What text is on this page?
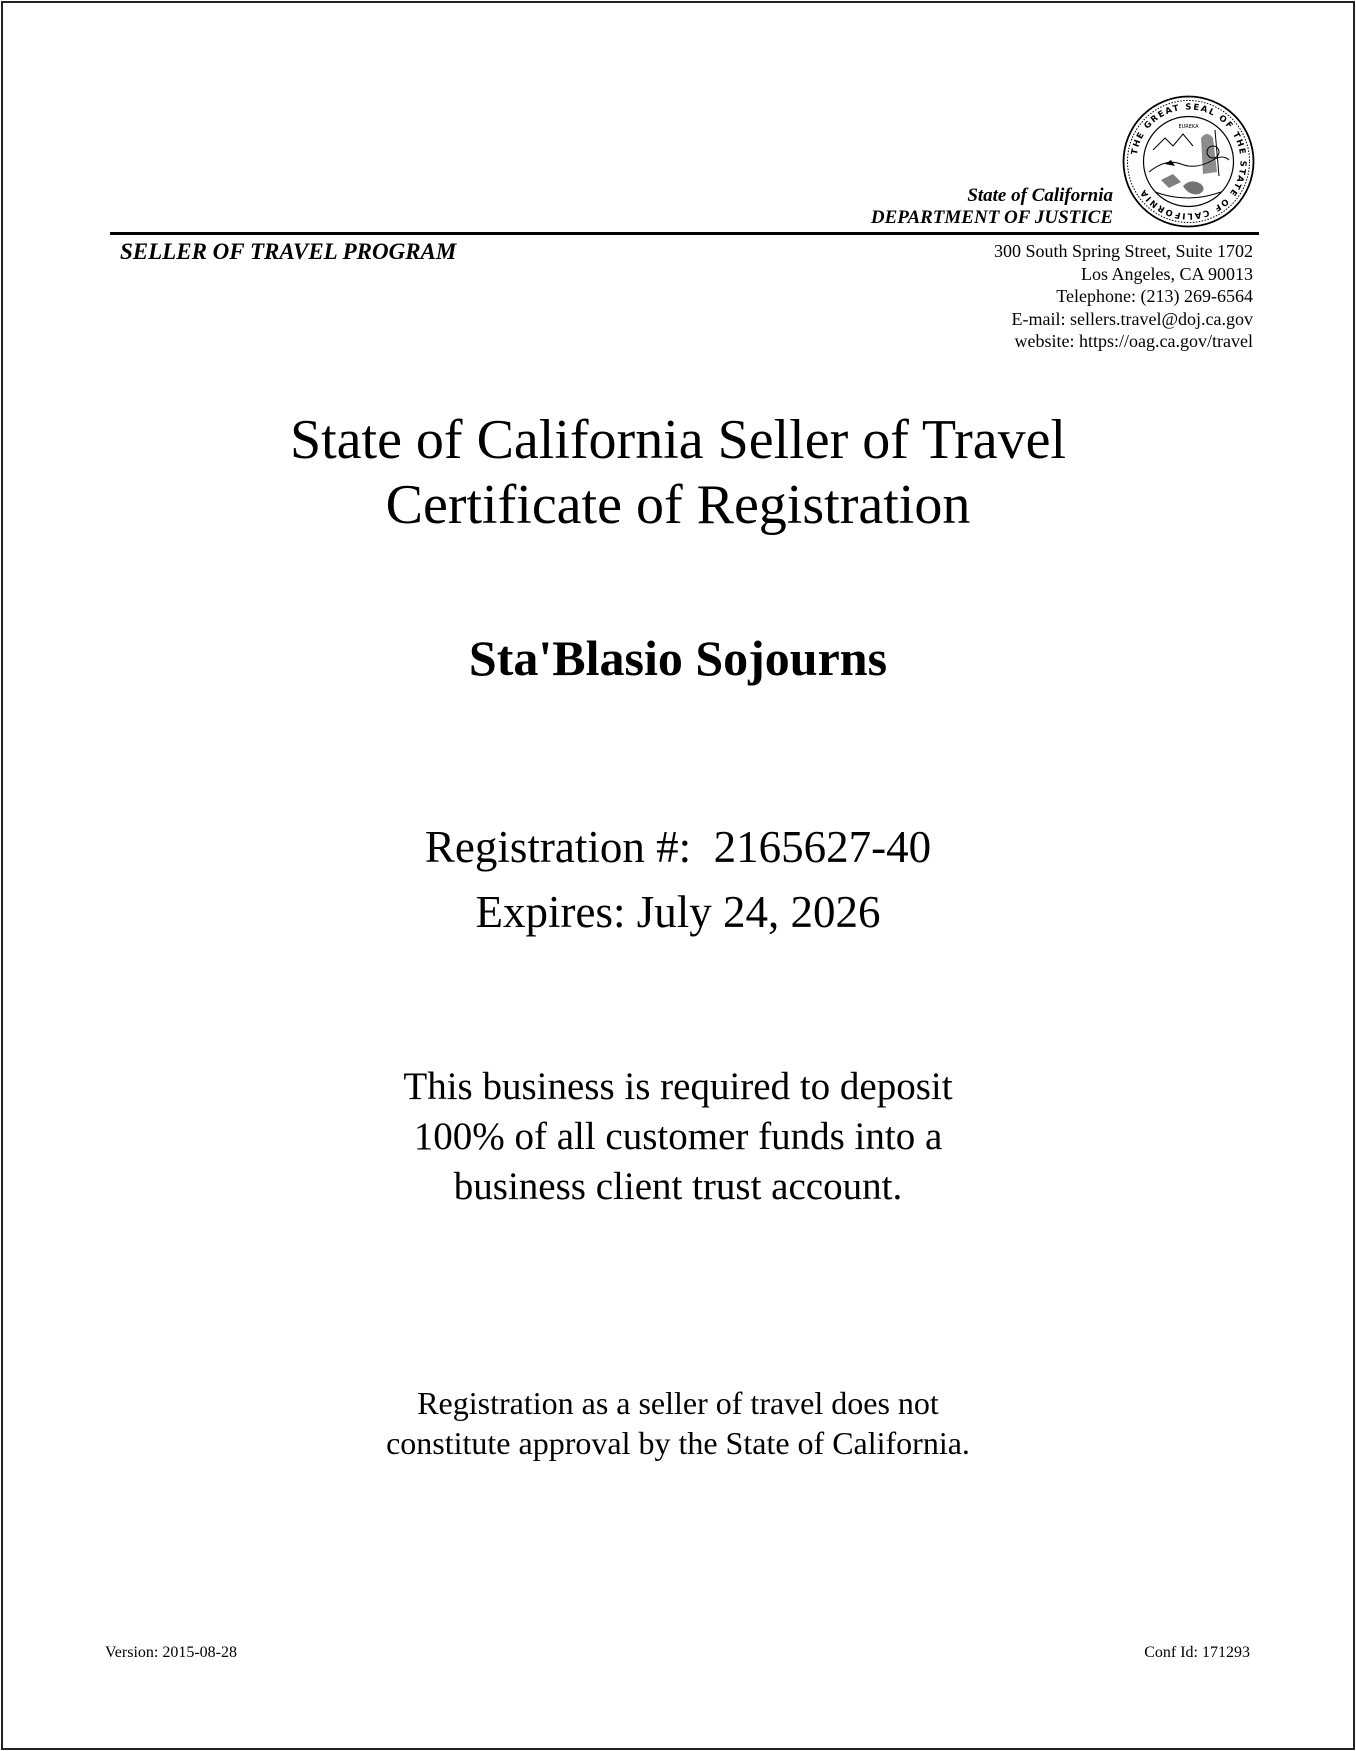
THE GREAT SEAL OF THE STATE OF CALIFORNIA
EUREKA
State of California
DEPARTMENT OF JUSTICE
SELLER OF TRAVEL PROGRAM	300 South Spring Street, Suite 1702
Los Angeles, CA 90013
Telephone: (213) 269-6564
E-mail: sellers.travel@doj.ca.gov
website: https://oag.ca.gov/travel
State of California Seller of Travel
Certificate of Registration
Sta'Blasio Sojourns
Registration #:  2165627-40
Expires: July 24, 2026
This business is required to deposit
100% of all customer funds into a
business client trust account.
Registration as a seller of travel does not
constitute approval by the State of California.
Version: 2015-08-28	Conf Id: 171293
